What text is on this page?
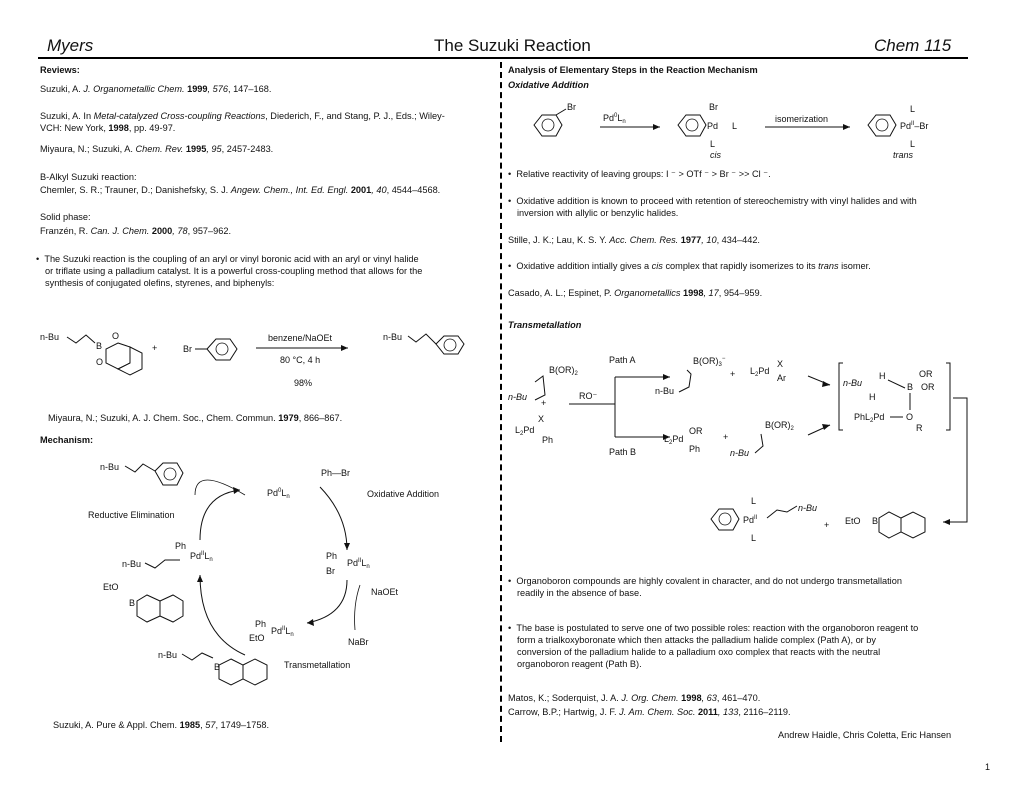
Myers	The Suzuki Reaction	Chem 115
Reviews:
Suzuki, A. J. Organometallic Chem. 1999, 576, 147–168.
Suzuki, A. In Metal-catalyzed Cross-coupling Reactions, Diederich, F., and Stang, P. J., Eds.; Wiley-
VCH: New York, 1998, pp. 49-97.
Miyaura, N.; Suzuki, A. Chem. Rev. 1995, 95, 2457-2483.
B-Alkyl Suzuki reaction:
Chemler, S. R.; Trauner, D.; Danishefsky, S. J. Angew. Chem., Int. Ed. Engl. 2001, 40, 4544–4568.
Solid phase:
Franzén, R. Can. J. Chem. 2000, 78, 957–962.
•  The Suzuki reaction is the coupling of an aryl or vinyl boronic acid with an aryl or vinyl halide
or triflate using a palladium catalyst. It is a powerful cross-coupling method that allows for the
synthesis of conjugated olefins, styrenes, and biphenyls:
Miyaura, N.; Suzuki, A. J. Chem. Soc., Chem. Commun. 1979, 866–867.
Mechanism:
Suzuki, A. Pure & Appl. Chem. 1985, 57, 1749–1758.
n-Bu
B
O
O
+	Br
benzene/NaOEt
80 °C, 4 h
98%
n-Bu
n-Bu
$Pd^0L_n$
Ph—Br
Oxidative Addition
Reductive Elimination
Ph
$Pd^{II}L_n$
n-Bu
Ph
$Pd^{II}L_n$
Br
NaOEt
EtO
B
Ph
$Pd^{II}L_n$
EtO	NaBr
n-Bu
B	Transmetallation
Analysis of Elementary Steps in the Reaction Mechanism
Oxidative Addition
Br
$Pd^0L_n$
Br
Pd L
L
cis
isomerization
L
$Pd^{II}-Br$
L
trans
•  Relative reactivity of leaving groups: I ⁻ > OTf ⁻ > Br ⁻ >> Cl ⁻.
•  Oxidative addition is known to proceed with retention of stereochemistry with vinyl halides and with
inversion with allylic or benzylic halides.
Stille, J. K.; Lau, K. S. Y. Acc. Chem. Res. 1977, 10, 434–442.
•  Oxidative addition intially gives a cis complex that rapidly isomerizes to its trans isomer.
Casado, A. L.; Espinet, P. Organometallics 1998, 17, 954–959.
Transmetallation
$B(OR)_2$
n-Bu
+
X
$L_2Pd$
Ph
RO⁻
Path A
Path B
$B(OR)_3^-$
n-Bu
+
X
$L_2Pd$
Ar
OR
$L_2Pd$
Ph
+
$B(OR)_2$
n-Bu
n-Bu
H
H
B
OR
OR
PhL$_2$Pd O
R
L
$Pd^{II}$
L
n-Bu
+ EtO B
•  Organoboron compounds are highly covalent in character, and do not undergo transmetallation
readily in the absence of base.
•  The base is postulated to serve one of two possible roles: reaction with the organoboron reagent to
form a trialkoxyboronate which then attacks the palladium halide complex (Path A), or by
conversion of the palladium halide to a palladium oxo complex that reacts with the neutral
organoboron reagent (Path B).
Matos, K.; Soderquist, J. A. J. Org. Chem. 1998, 63, 461–470.
Carrow, B.P.; Hartwig, J. F. J. Am. Chem. Soc. 2011, 133, 2116–2119.
Andrew Haidle, Chris Coletta, Eric Hansen
1
